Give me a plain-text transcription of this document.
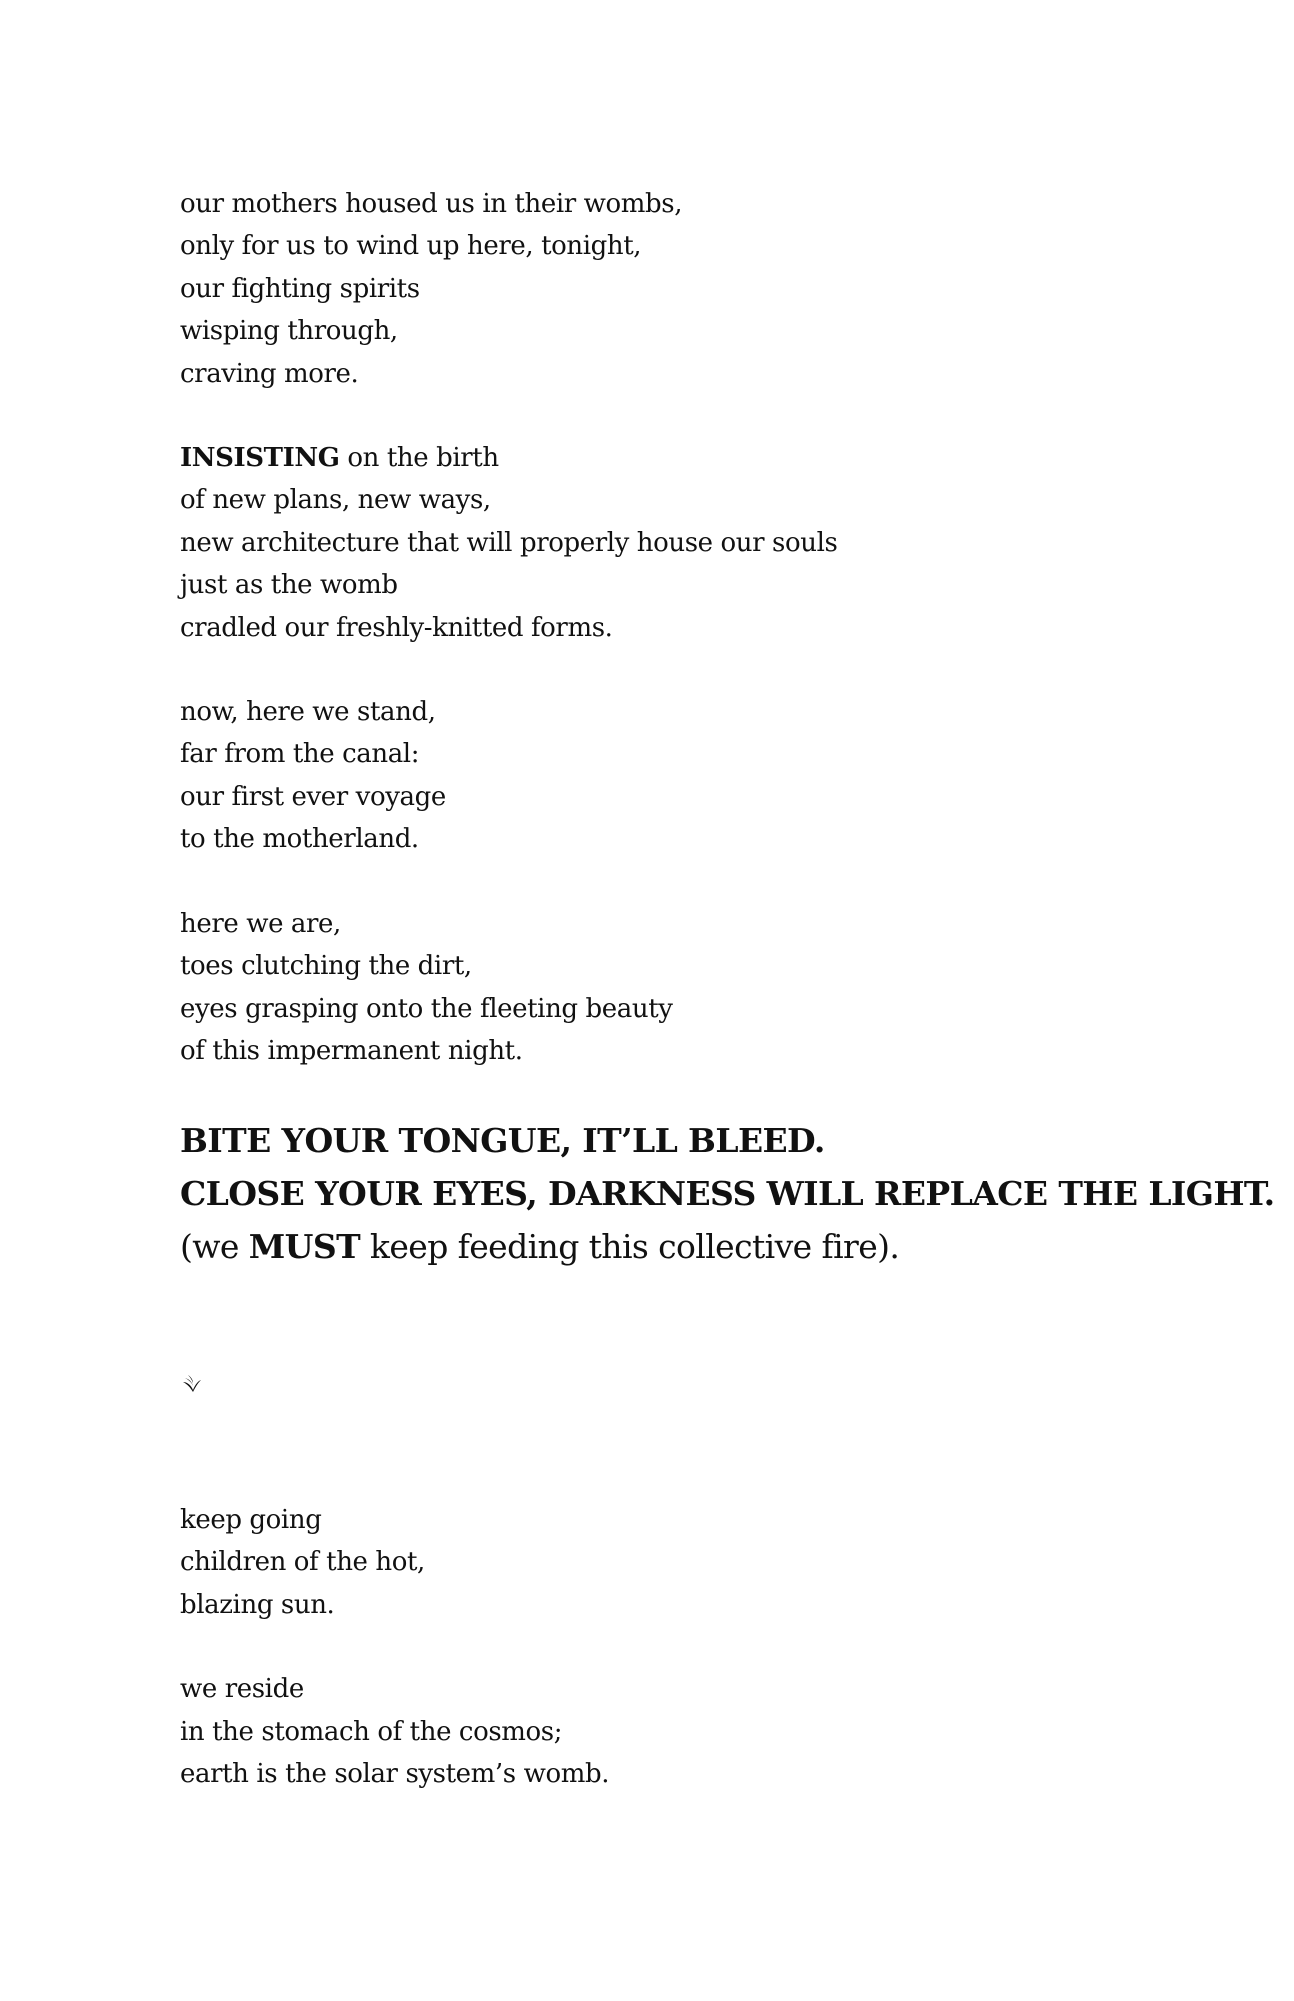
our mothers housed us in their wombs,
only for us to wind up here, tonight,
our fighting spirits
wisping through,
craving more.
INSISTING on the birth
of new plans, new ways,
new architecture that will properly house our souls
just as the womb
cradled our freshly-knitted forms.
now, here we stand,
far from the canal:
our first ever voyage
to the motherland.
here we are,
toes clutching the dirt,
eyes grasping onto the fleeting beauty
of this impermanent night.
BITE YOUR TONGUE, IT’LL BLEED.
CLOSE YOUR EYES, DARKNESS WILL REPLACE THE LIGHT.
(we MUST keep feeding this collective fire).
keep going
children of the hot,
blazing sun.
we reside
in the stomach of the cosmos;
earth is the solar system’s womb.
